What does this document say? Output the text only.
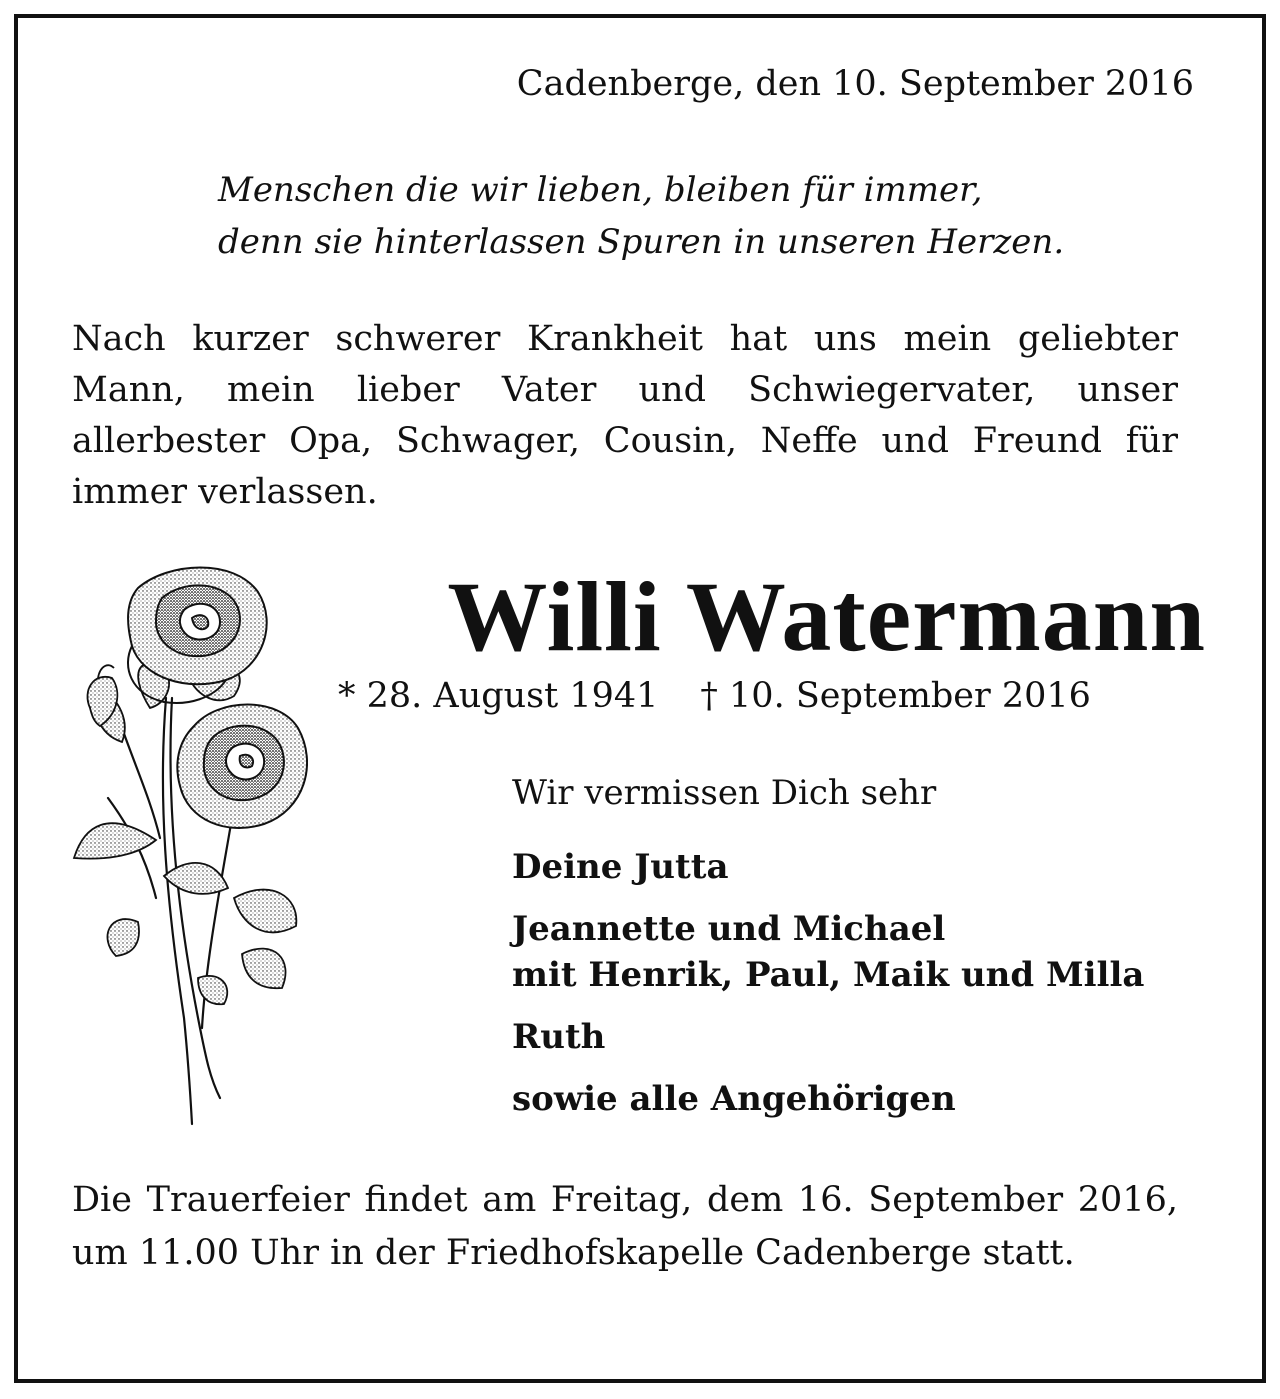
Cadenberge, den 10. September 2016

Menschen die wir lieben, bleiben für immer,
denn sie hinterlassen Spuren in unseren Herzen.

Nach kurzer schwerer Krankheit hat uns mein geliebter Mann, mein lieber Vater und Schwiegervater, unser allerbester Opa, Schwager, Cousin, Neffe und Freund für immer verlassen.

Willi Watermann

* 28. August 1941 † 10. September 2016

Wir vermissen Dich sehr

Deine Jutta

Jeannette und Michael

mit Henrik, Paul, Maik und Milla

Ruth

sowie alle Angehörigen

Die Trauerfeier findet am Freitag, dem 16. September 2016, um 11.00 Uhr in der Friedhofskapelle Cadenberge statt.
